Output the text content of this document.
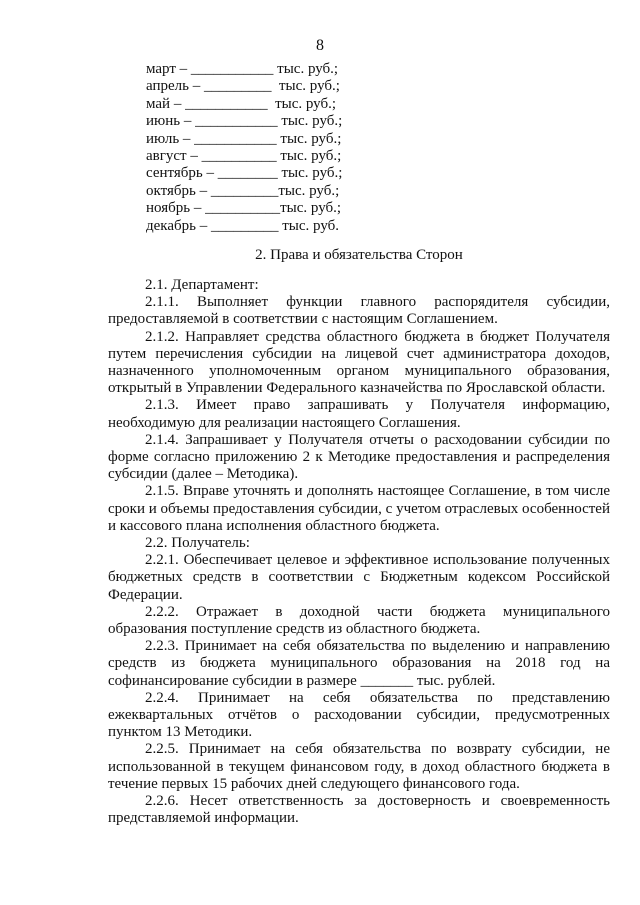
8
март – ___________ тыс. руб.;
апрель – _________  тыс. руб.;
май – ___________  тыс. руб.;
июнь – ___________ тыс. руб.;
июль – ___________ тыс. руб.;
август – __________ тыс. руб.;
сентябрь – ________ тыс. руб.;
октябрь – _________тыс. руб.;
ноябрь – __________тыс. руб.;
декабрь – _________ тыс. руб.
2. Права и обязательства Сторон

2.1. Департамент:

2.1.1. Выполняет функции главного распорядителя субсидии, предоставляемой в соответствии с настоящим Соглашением.

2.1.2. Направляет средства областного бюджета в бюджет Получателя путем перечисления субсидии на лицевой счет администратора доходов, назначенного уполномоченным органом муниципального образования, открытый в Управлении Федерального казначейства по Ярославской области.

2.1.3. Имеет право запрашивать у Получателя информацию, необходимую для реализации настоящего Соглашения.

2.1.4. Запрашивает у Получателя отчеты о расходовании субсидии по форме согласно приложению 2 к Методике предоставления и распределения субсидии (далее – Методика).

2.1.5. Вправе уточнять и дополнять настоящее Соглашение, в том числе сроки и объемы предоставления субсидии, с учетом отраслевых особенностей и кассового плана исполнения областного бюджета.

2.2. Получатель:

2.2.1. Обеспечивает целевое и эффективное использование полученных бюджетных средств в соответствии с Бюджетным кодексом Российской Федерации.

2.2.2. Отражает в доходной части бюджета муниципального образования поступление средств из областного бюджета.

2.2.3. Принимает на себя обязательства по выделению и направлению средств из бюджета муниципального образования на 2018 год на софинансирование субсидии в размере _______ тыс. рублей.

2.2.4. Принимает на себя обязательства по представлению ежеквартальных отчётов о расходовании субсидии, предусмотренных пунктом 13 Методики.

2.2.5. Принимает на себя обязательства по возврату субсидии, не использованной в текущем финансовом году, в доход областного бюджета в течение первых 15 рабочих дней следующего финансового года.

2.2.6. Несет ответственность за достоверность и своевременность представляемой информации.
